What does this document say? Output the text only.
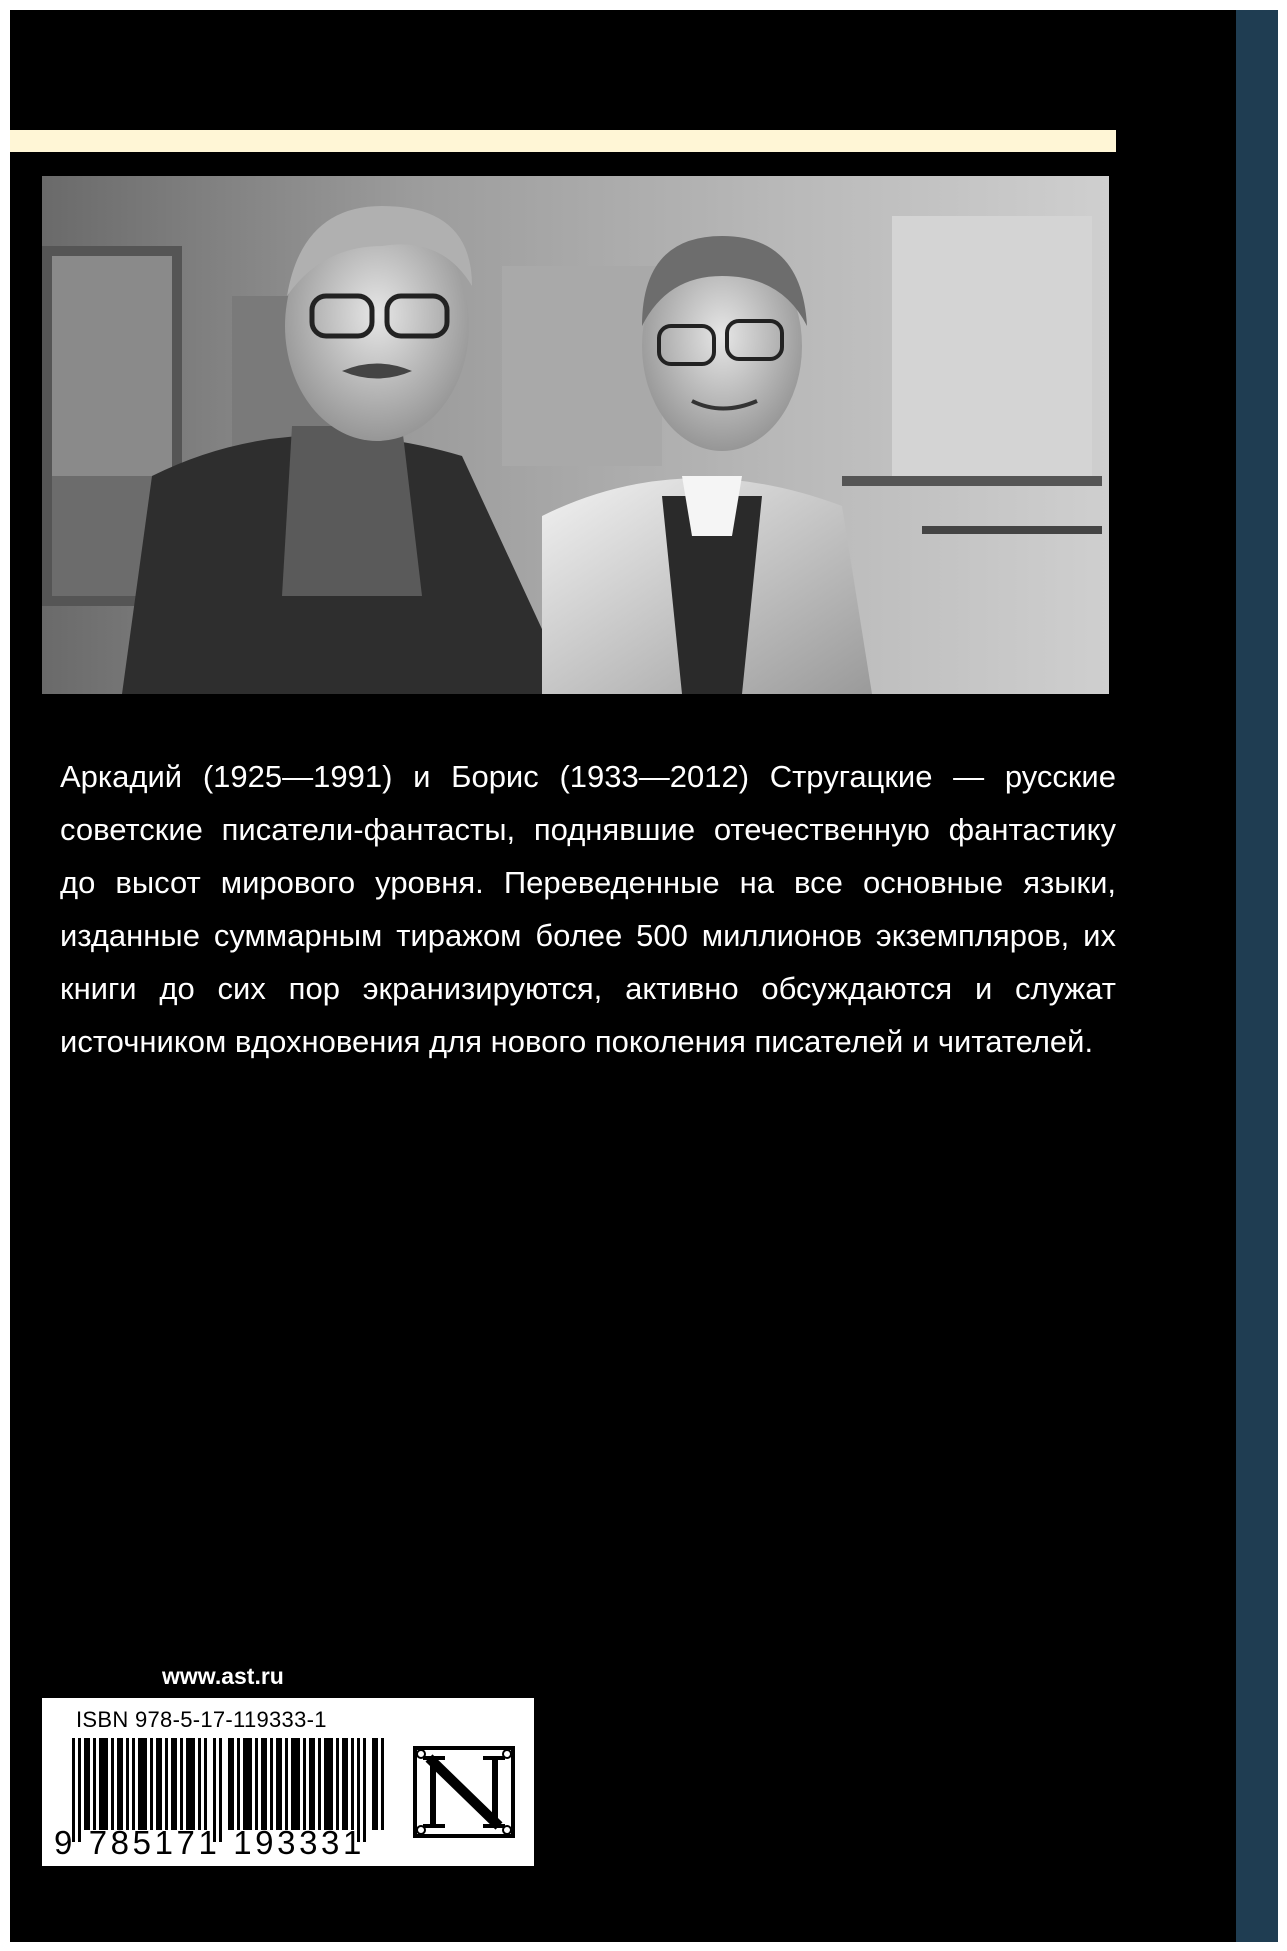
Аркадий (1925—1991) и Борис (1933—2012) Стругацкие — русские советские писатели-фантасты, поднявшие отечественную фантастику до высот мирового уровня. Переведенные на все основные языки, изданные суммарным тиражом более 500 миллионов экземпляров, их книги до сих пор экранизируются, активно обсуждаются и служат источником вдохновения для нового поколения писателей и читателей.

www.ast.ru
ISBN 978-5-17-119333-1
9 785171 193331
